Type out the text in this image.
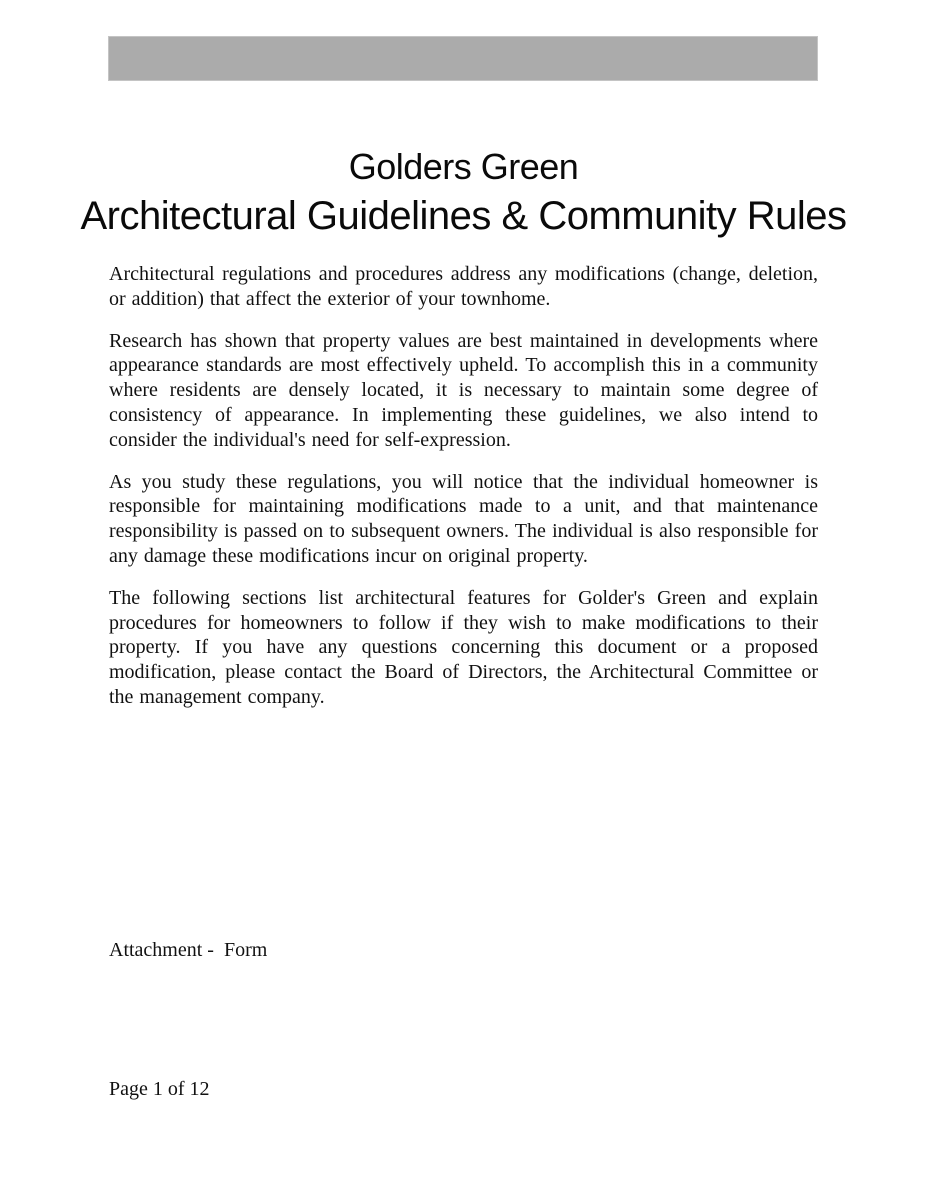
Golders Green
Architectural Guidelines & Community Rules

Architectural regulations and procedures address any modifications (change, deletion, or addition) that affect the exterior of your townhome.

Research has shown that property values are best maintained in developments where appearance standards are most effectively upheld. To accomplish this in a community where residents are densely located, it is necessary to maintain some degree of consistency of appearance. In implementing these guidelines, we also intend to consider the individual's need for self-expression.

As you study these regulations, you will notice that the individual homeowner is responsible for maintaining modifications made to a unit, and that maintenance responsibility is passed on to subsequent owners. The individual is also responsible for any damage these modifications incur on original property.

The following sections list architectural features for Golder's Green and explain procedures for homeowners to follow if they wish to make modifications to their property. If you have any questions concerning this document or a proposed modification, please contact the Board of Directors, the Architectural Committee or the management company.

Attachment -  Form
Page 1 of 12
